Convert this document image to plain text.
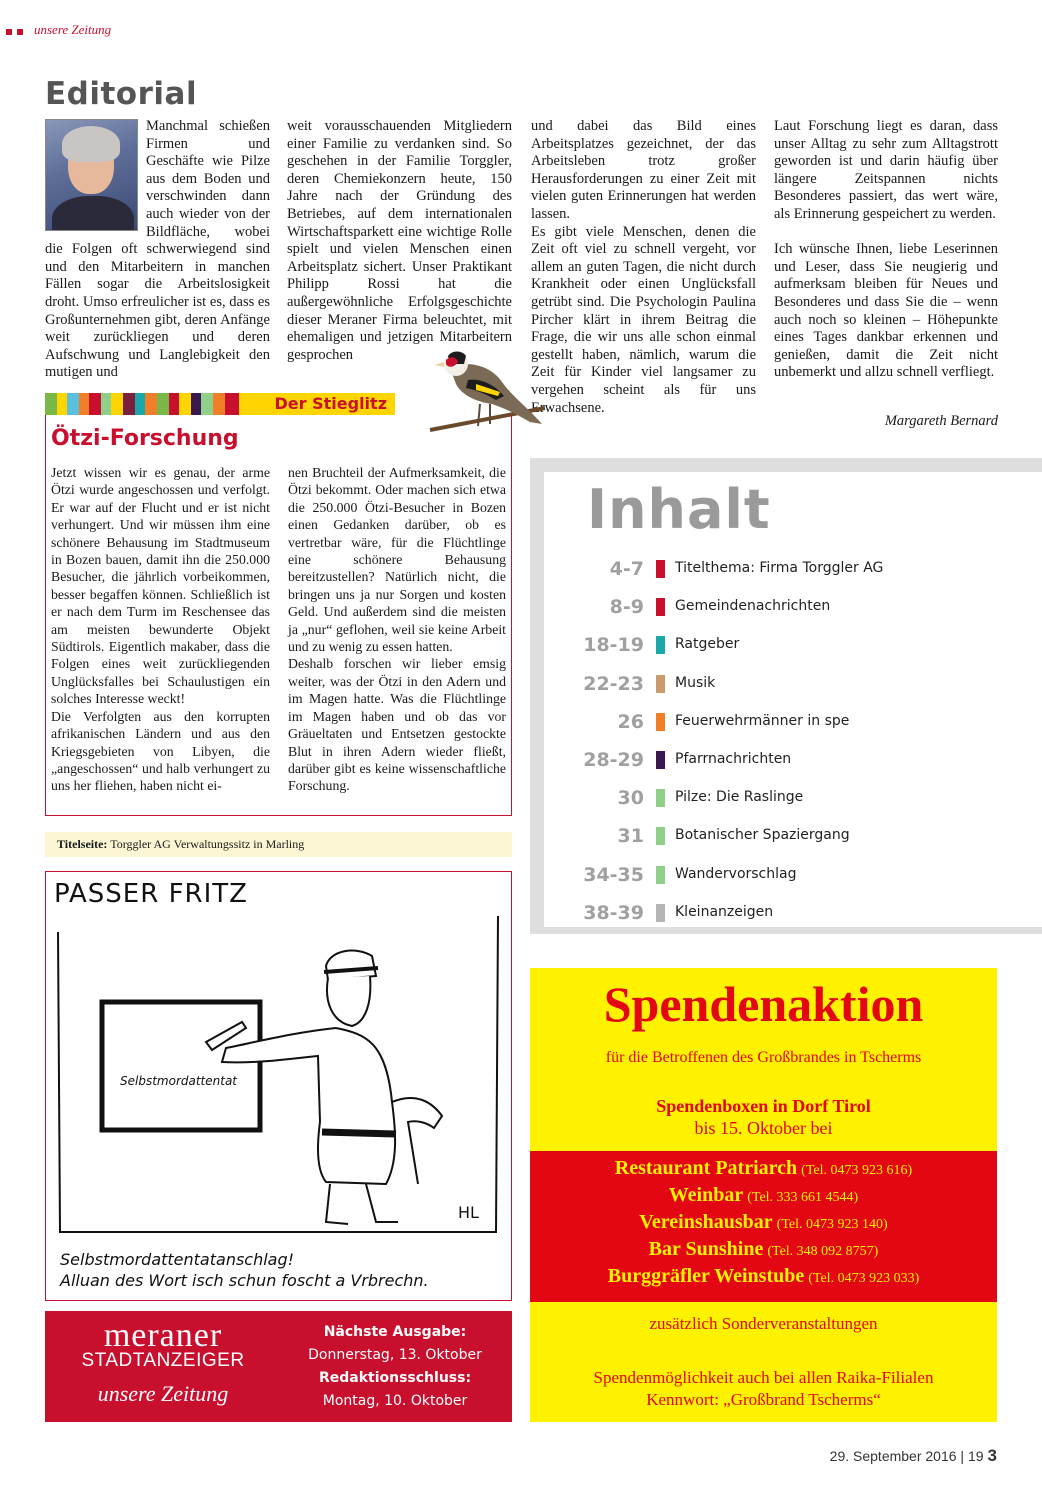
unsere Zeitung
Editorial

Manchmal schießen Firmen und Geschäfte wie Pilze aus dem Boden und verschwinden dann auch wieder von der Bildfläche, wobei die Folgen oft schwerwiegend sind und den Mitarbeitern in manchen Fällen sogar die Arbeitslosigkeit droht. Umso erfreulicher ist es, dass es Großunternehmen gibt, deren Anfänge weit zurückliegen und deren Aufschwung und Langlebigkeit den mutigen und

weit vorausschauenden Mitgliedern einer Familie zu verdanken sind. So geschehen in der Familie Torggler, deren Chemiekonzern heute, 150 Jahre nach der Gründung des Betriebes, auf dem internationalen Wirtschaftsparkett eine wichtige Rolle spielt und vielen Menschen einen Arbeitsplatz sichert. Unser Praktikant Philipp Rossi hat die außergewöhnliche Erfolgsgeschichte dieser Meraner Firma beleuchtet, mit ehemaligen und jetzigen Mitarbeitern gesprochen

und dabei das Bild eines Arbeitsplatzes gezeichnet, der das Arbeitsleben trotz großer Herausforderungen zu einer Zeit mit vielen guten Erinnerungen hat werden lassen.

Es gibt viele Menschen, denen die Zeit oft viel zu schnell vergeht, vor allem an guten Tagen, die nicht durch Krankheit oder einen Unglücksfall getrübt sind. Die Psychologin Paulina Pircher klärt in ihrem Beitrag die Frage, die wir uns alle schon einmal gestellt haben, nämlich, warum die Zeit für Kinder viel langsamer zu vergehen scheint als für uns Erwachsene.

Laut Forschung liegt es daran, dass unser Alltag zu sehr zum Alltagstrott geworden ist und darin häufig über längere Zeitspannen nichts Besonderes passiert, das wert wäre, als Erinnerung gespeichert zu werden.

Ich wünsche Ihnen, liebe Leserinnen und Leser, dass Sie neugierig und aufmerksam bleiben für Neues und Besonderes und dass Sie die – wenn auch noch so kleinen – Höhepunkte eines Tages dankbar erkennen und genießen, damit die Zeit nicht unbemerkt und allzu schnell verfliegt.

Margareth Bernard
Der Stieglitz
Ötzi-Forschung

Jetzt wissen wir es genau, der arme Ötzi wurde angeschossen und verfolgt. Er war auf der Flucht und er ist nicht verhungert. Und wir müssen ihm eine schönere Behausung im Stadtmuseum in Bozen bauen, damit ihn die 250.000 Besucher, die jährlich vorbeikommen, besser begaffen können. Schließlich ist er nach dem Turm im Reschensee das am meisten bewunderte Objekt Südtirols. Eigentlich makaber, dass die Folgen eines weit zurückliegenden Unglücksfalles bei Schaulustigen ein solches Interesse weckt!

Die Verfolgten aus den korrupten afrikanischen Ländern und aus den Kriegsgebieten von Libyen, die „angeschossen“ und halb verhungert zu uns her fliehen, haben nicht ei-

nen Bruchteil der Aufmerksamkeit, die Ötzi bekommt. Oder machen sich etwa die 250.000 Ötzi-Besucher in Bozen einen Gedanken darüber, ob es vertretbar wäre, für die Flüchtlinge eine schönere Behausung bereitzustellen? Natürlich nicht, die bringen uns ja nur Sorgen und kosten Geld. Und außerdem sind die meisten ja „nur“ geflohen, weil sie keine Arbeit und zu wenig zu essen hatten.

Deshalb forschen wir lieber emsig weiter, was der Ötzi in den Adern und im Magen hatte. Was die Flüchtlinge im Magen haben und ob das vor Gräueltaten und Entsetzen gestockte Blut in ihren Adern wieder fließt, darüber gibt es keine wissenschaftliche Forschung.

Titelseite: Torggler AG Verwaltungssitz in Marling
PASSER FRITZ
Selbstmordattentat
HL
Selbstmordattentatanschlag!
Alluan des Wort isch schun foscht a Vrbrechn.
meraner
STADTANZEIGER
unsere Zeitung
Nächste Ausgabe:
Donnerstag, 13. Oktober
Redaktionsschluss:
Montag, 10. Oktober
Inhalt
4-7 Titelthema: Firma Torggler AG
8-9 Gemeindenachrichten
18-19 Ratgeber
22-23 Musik
26 Feuerwehrmänner in spe
28-29 Pfarrnachrichten
30 Pilze: Die Raslinge
31 Botanischer Spaziergang
34-35 Wandervorschlag
38-39 Kleinanzeigen
Spendenaktion
für die Betroffenen des Großbrandes in Tscherms
Spendenboxen in Dorf Tirol
bis 15. Oktober bei
Restaurant Patriarch (Tel. 0473 923 616)
Weinbar (Tel. 333 661 4544)
Vereinshausbar (Tel. 0473 923 140)
Bar Sunshine (Tel. 348 092 8757)
Burggräfler Weinstube (Tel. 0473 923 033)
zusätzlich Sonderveranstaltungen
Spendenmöglichkeit auch bei allen Raika-Filialen
Kennwort: „Großbrand Tscherms“
29. September 2016 | 19 3
